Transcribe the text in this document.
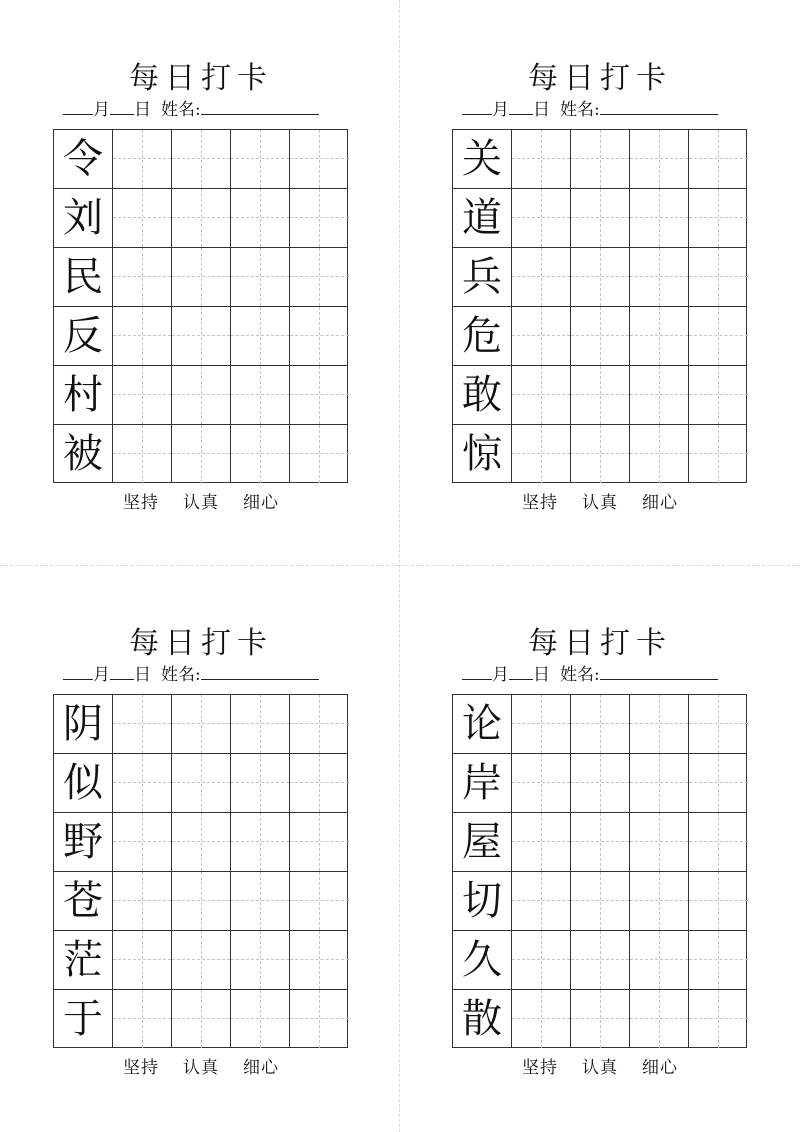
每日打卡
月 日 姓名:
令
刘
民
反
村
被
坚持 认真 细心
每日打卡
月 日 姓名:
关
道
兵
危
敢
惊
坚持 认真 细心
每日打卡
月 日 姓名:
阴
似
野
苍
茫
于
坚持 认真 细心
每日打卡
月 日 姓名:
论
岸
屋
切
久
散
坚持 认真 细心
